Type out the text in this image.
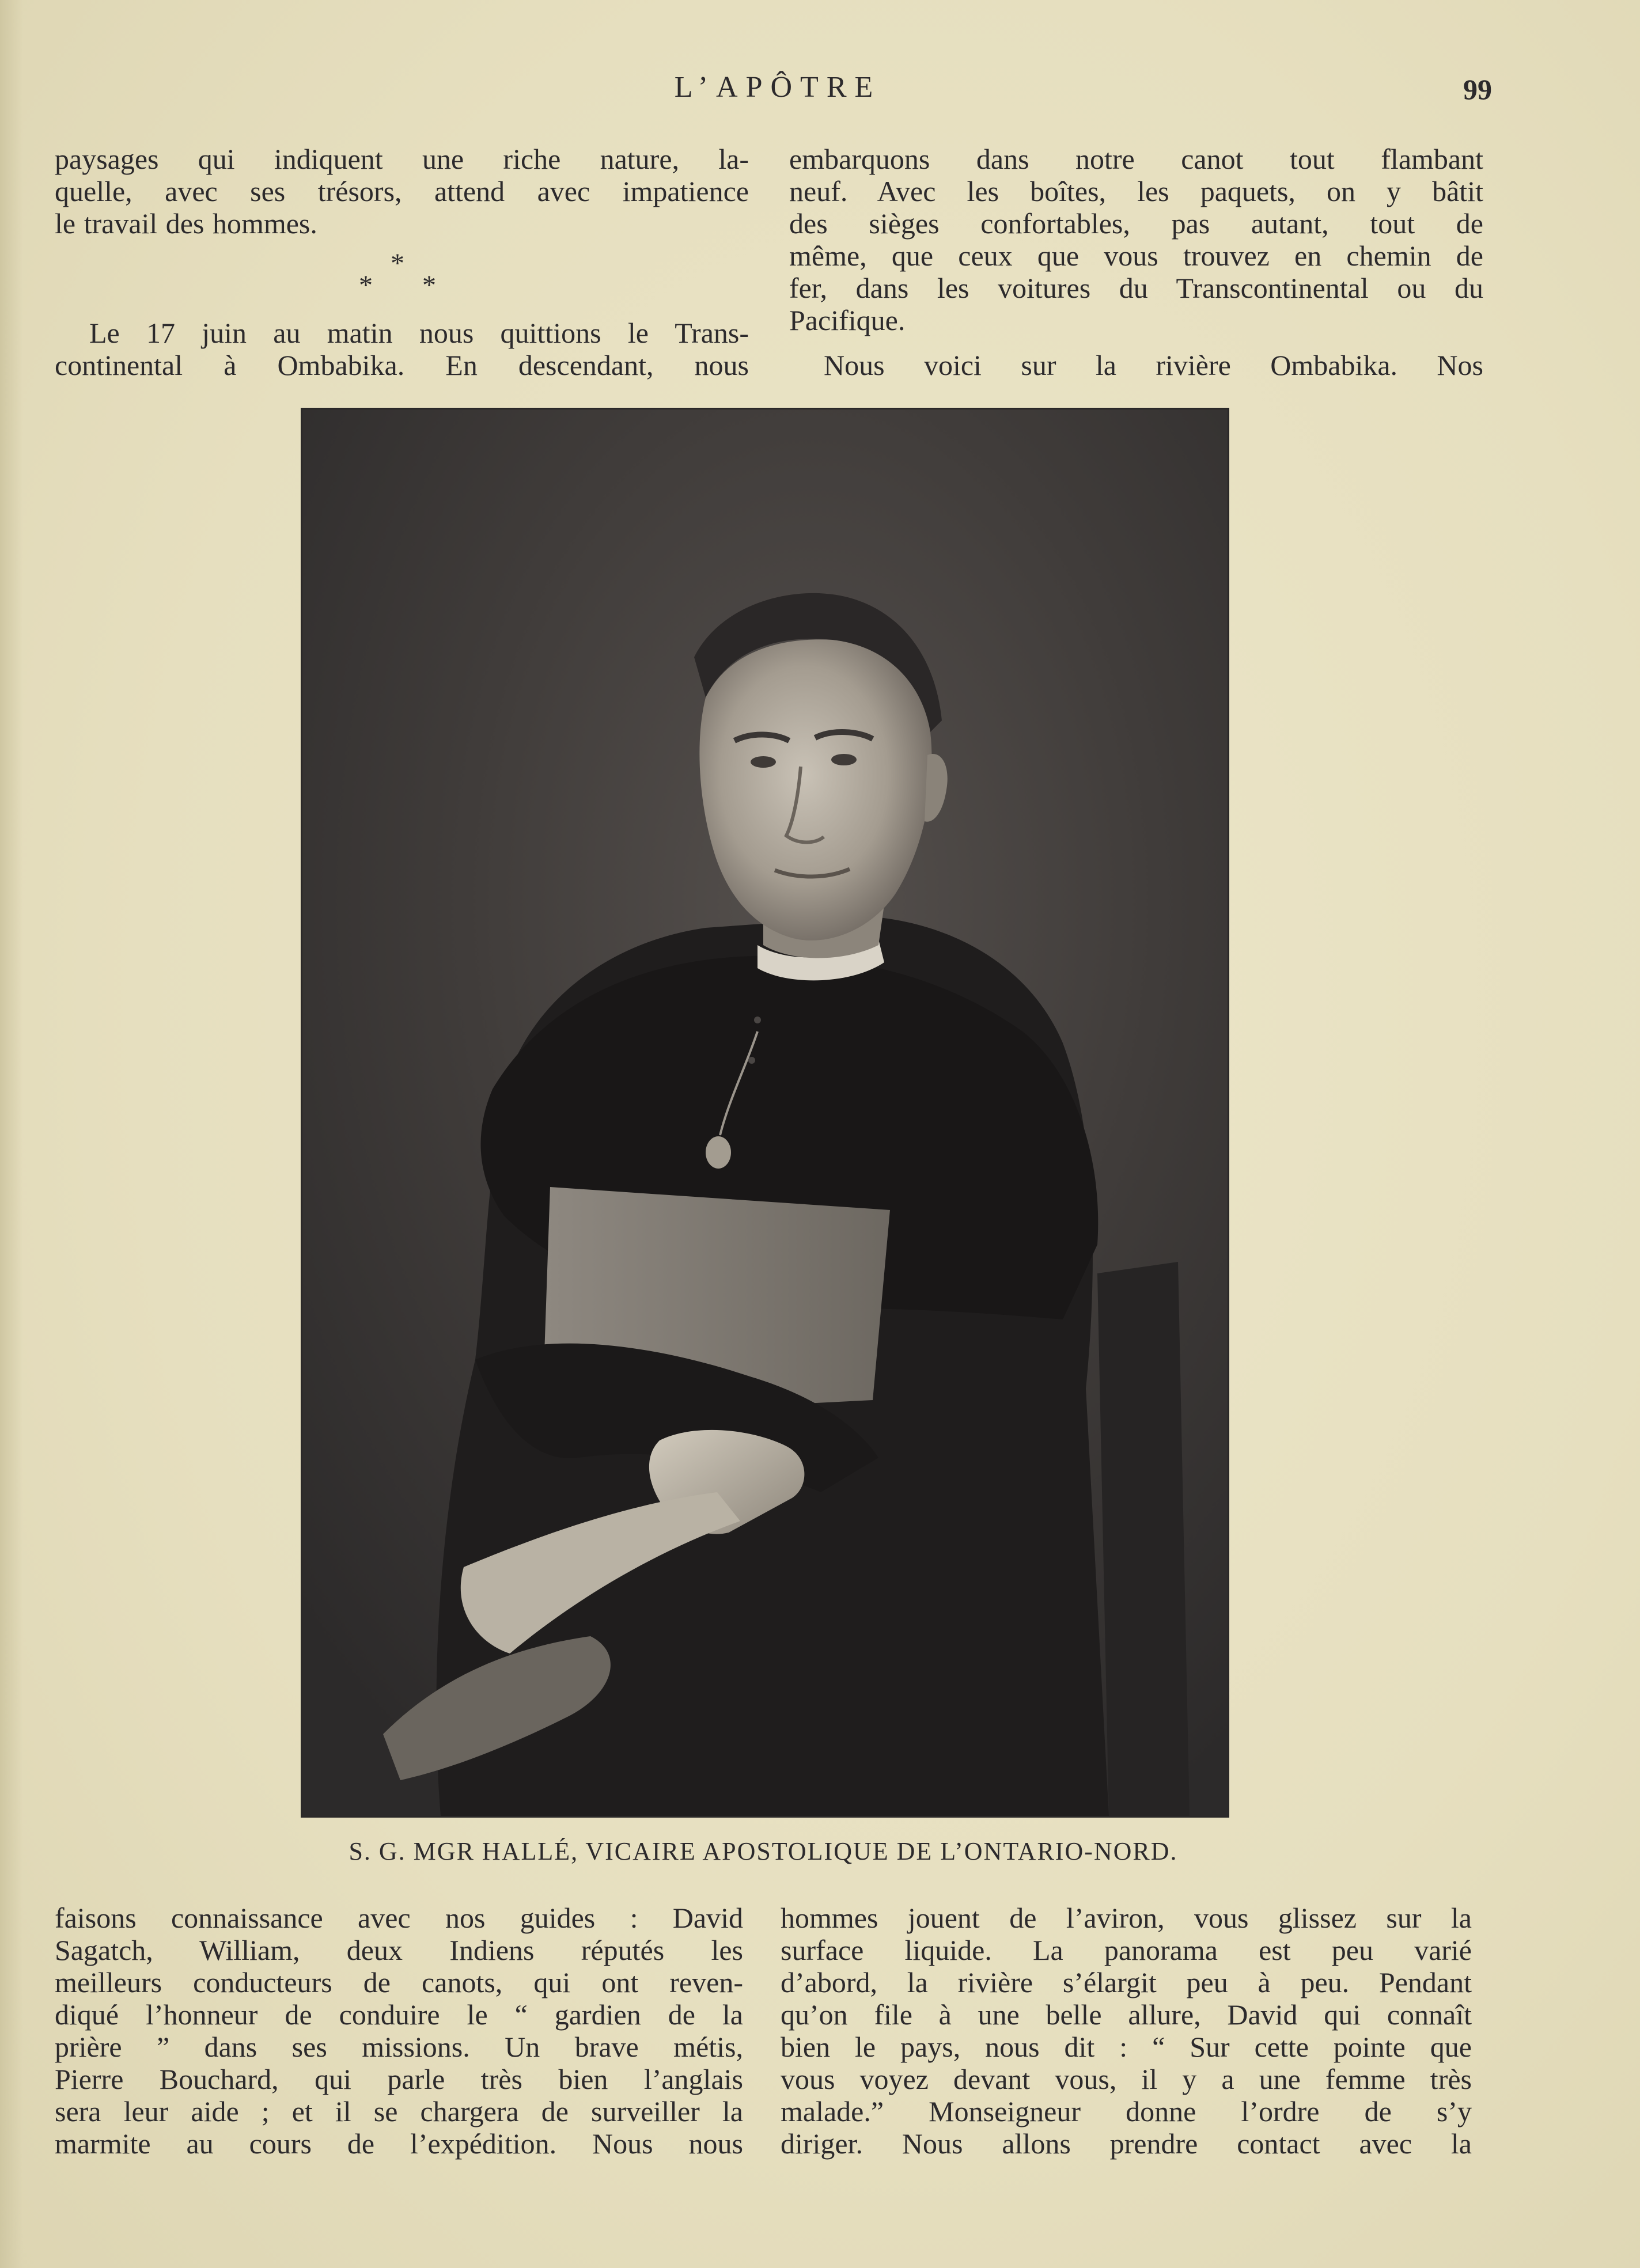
L’APÔTRE	99

paysages qui indiquent une riche nature, la-

quelle, avec ses trésors, attend avec impatience

le travail des hommes.

*
* *

Le 17 juin au matin nous quittions le Trans-

continental à Ombabika. En descendant, nous

embarquons dans notre canot tout flambant

neuf. Avec les boîtes, les paquets, on y bâtit

des sièges confortables, pas autant, tout de

même, que ceux que vous trouvez en chemin de

fer, dans les voitures du Transcontinental ou du

Pacifique.

Nous voici sur la rivière Ombabika. Nos

S. G. MGR HALLÉ, VICAIRE APOSTOLIQUE DE L’ONTARIO-NORD.

faisons connaissance avec nos guides : David

Sagatch, William, deux Indiens réputés les

meilleurs conducteurs de canots, qui ont reven-

diqué l’honneur de conduire le “ gardien de la

prière ” dans ses missions. Un brave métis,

Pierre Bouchard, qui parle très bien l’anglais

sera leur aide ; et il se chargera de surveiller la

marmite au cours de l’expédition. Nous nous

hommes jouent de l’aviron, vous glissez sur la

surface liquide. La panorama est peu varié

d’abord, la rivière s’élargit peu à peu. Pendant

qu’on file à une belle allure, David qui connaît

bien le pays, nous dit : “ Sur cette pointe que

vous voyez devant vous, il y a une femme très

malade.” Monseigneur donne l’ordre de s’y

diriger. Nous allons prendre contact avec la
